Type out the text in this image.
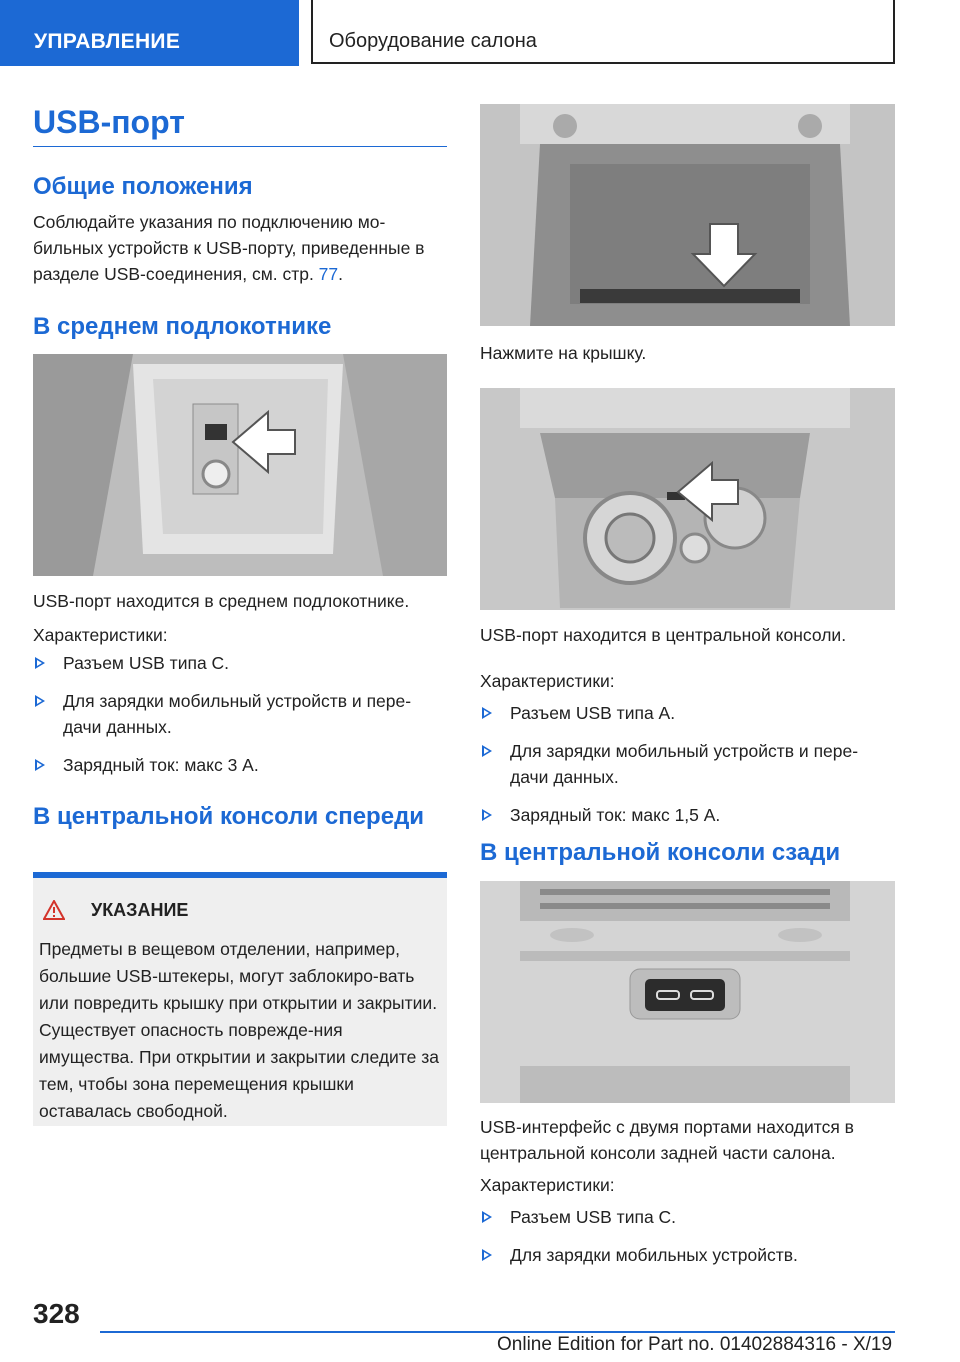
УПРАВЛЕНИЕ	Оборудование салона
USB-порт
Общие положения
Соблюдайте указания по подключению мо-бильных устройств к USB-порту, приведенные в разделе USB-соединения, см. стр. 77.
В среднем подлокотнике
USB-порт находится в среднем подлокотнике.
Характеристики:
Разъем USB типа С.
Для зарядки мобильный устройств и пере-дачи данных.
Зарядный ток: макс 3 А.
В центральной консоли спереди
УКАЗАНИЕ
Предметы в вещевом отделении, например, большие USB-штекеры, могут заблокиро-вать или повредить крышку при открытии и закрытии. Существует опасность поврежде-ния имущества. При открытии и закрытии следите за тем, чтобы зона перемещения крышки оставалась свободной.
Нажмите на крышку.
USB-порт находится в центральной консоли.
Характеристики:
Разъем USB типа А.
Для зарядки мобильный устройств и пере-дачи данных.
Зарядный ток: макс 1,5 А.
В центральной консоли сзади
USB-интерфейс с двумя портами находится в центральной консоли задней части салона.
Характеристики:
Разъем USB типа С.
Для зарядки мобильных устройств.
328
Online Edition for Part no. 01402884316 - X/19
